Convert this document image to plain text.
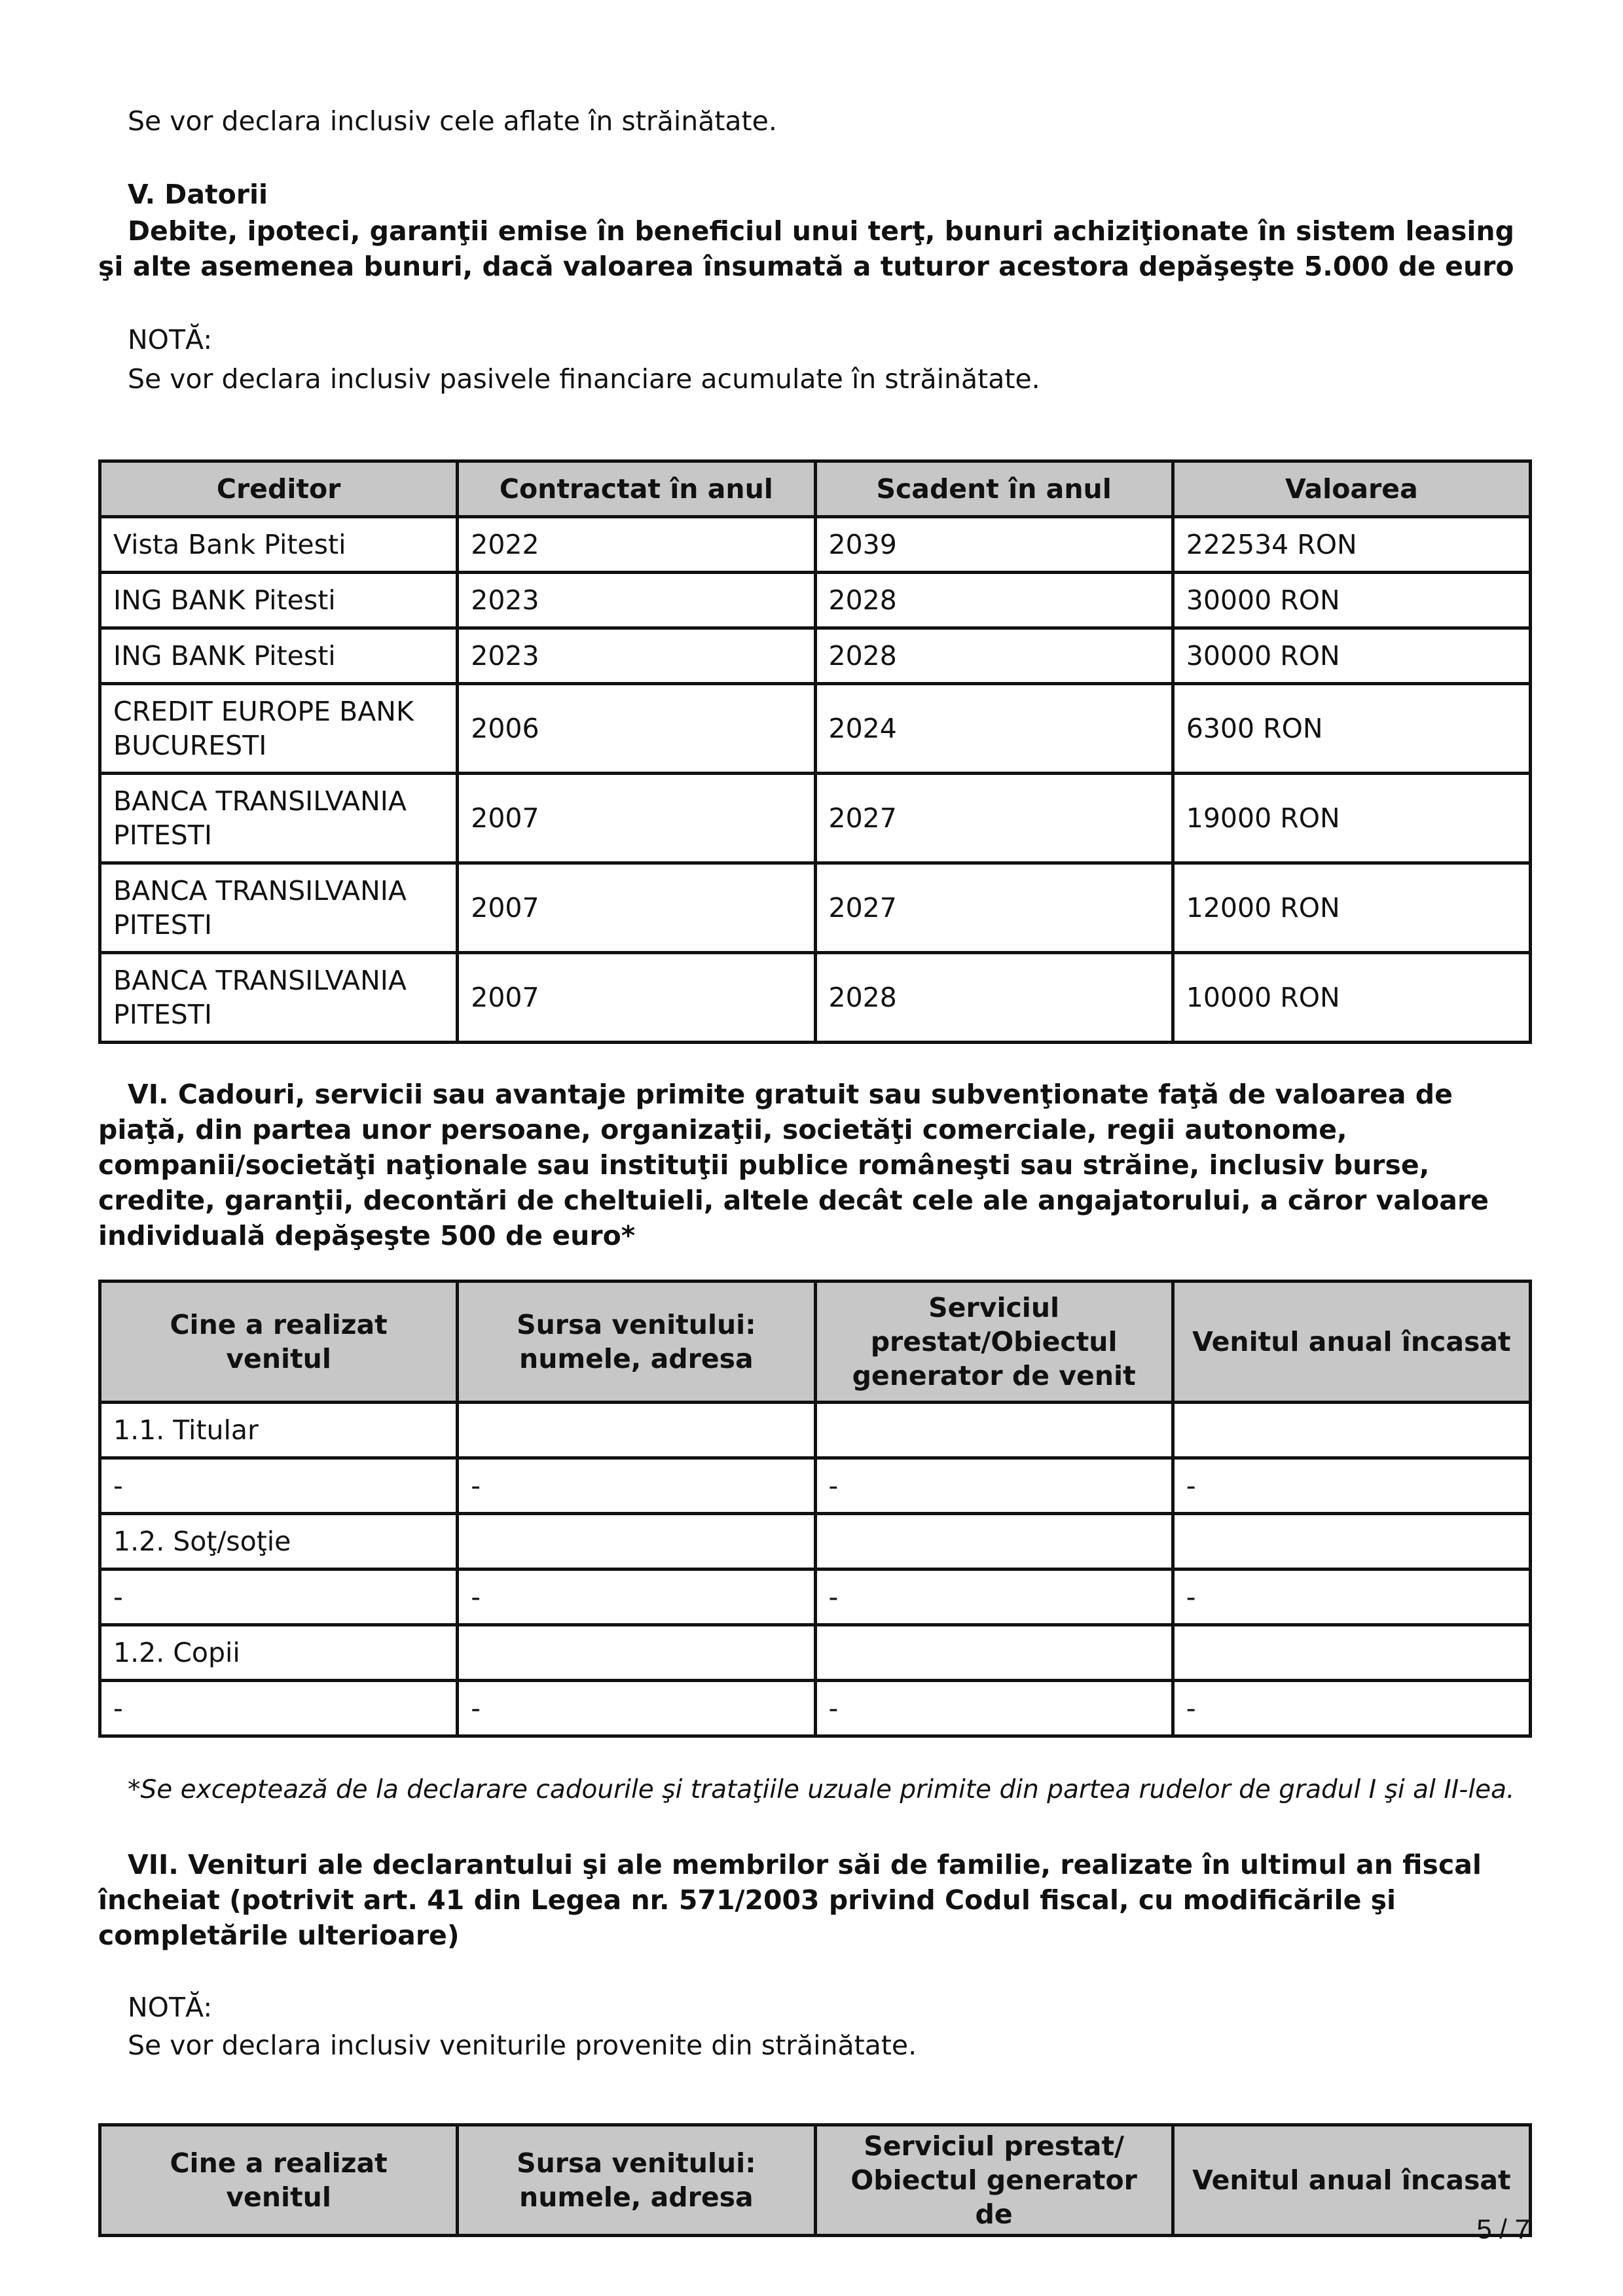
Se vor declara inclusiv cele aflate în străinătate.

V. Datorii

Debite, ipoteci, garanţii emise în beneficiul unui terţ, bunuri achiziţionate în sistem leasing şi alte asemenea bunuri, dacă valoarea însumată a tuturor acestora depăşeşte 5.000 de euro

NOTĂ:

Se vor declara inclusiv pasivele financiare acumulate în străinătate.

Creditor	Contractat în anul	Scadent în anul	Valoarea
Vista Bank Pitesti	2022	2039	222534 RON
ING BANK Pitesti	2023	2028	30000 RON
ING BANK Pitesti	2023	2028	30000 RON
CREDIT EUROPE BANK BUCURESTI	2006	2024	6300 RON
BANCA TRANSILVANIA PITESTI	2007	2027	19000 RON
BANCA TRANSILVANIA PITESTI	2007	2027	12000 RON
BANCA TRANSILVANIA PITESTI	2007	2028	10000 RON

VI. Cadouri, servicii sau avantaje primite gratuit sau subvenţionate faţă de valoarea de piaţă, din partea unor persoane, organizaţii, societăţi comerciale, regii autonome, companii/societăţi naţionale sau instituţii publice româneşti sau străine, inclusiv burse, credite, garanţii, decontări de cheltuieli, altele decât cele ale angajatorului, a căror valoare individuală depăşeşte 500 de euro*

Cine a realizat venitul	Sursa venitului: numele, adresa	Serviciul prestat/Obiectul generator de venit	Venitul anual încasat
1.1. Titular			
-	-	-	-
1.2. Soţ/soţie			
-	-	-	-
1.2. Copii			
-	-	-	-

*Se exceptează de la declarare cadourile şi trataţiile uzuale primite din partea rudelor de gradul I şi al II-lea.

VII. Venituri ale declarantului şi ale membrilor săi de familie, realizate în ultimul an fiscal încheiat (potrivit art. 41 din Legea nr. 571/2003 privind Codul fiscal, cu modificările şi completările ulterioare)

NOTĂ:

Se vor declara inclusiv veniturile provenite din străinătate.

Cine a realizat venitul	Sursa venitului: numele, adresa	Serviciul prestat/ Obiectul generator de	Venitul anual încasat
5 / 7
